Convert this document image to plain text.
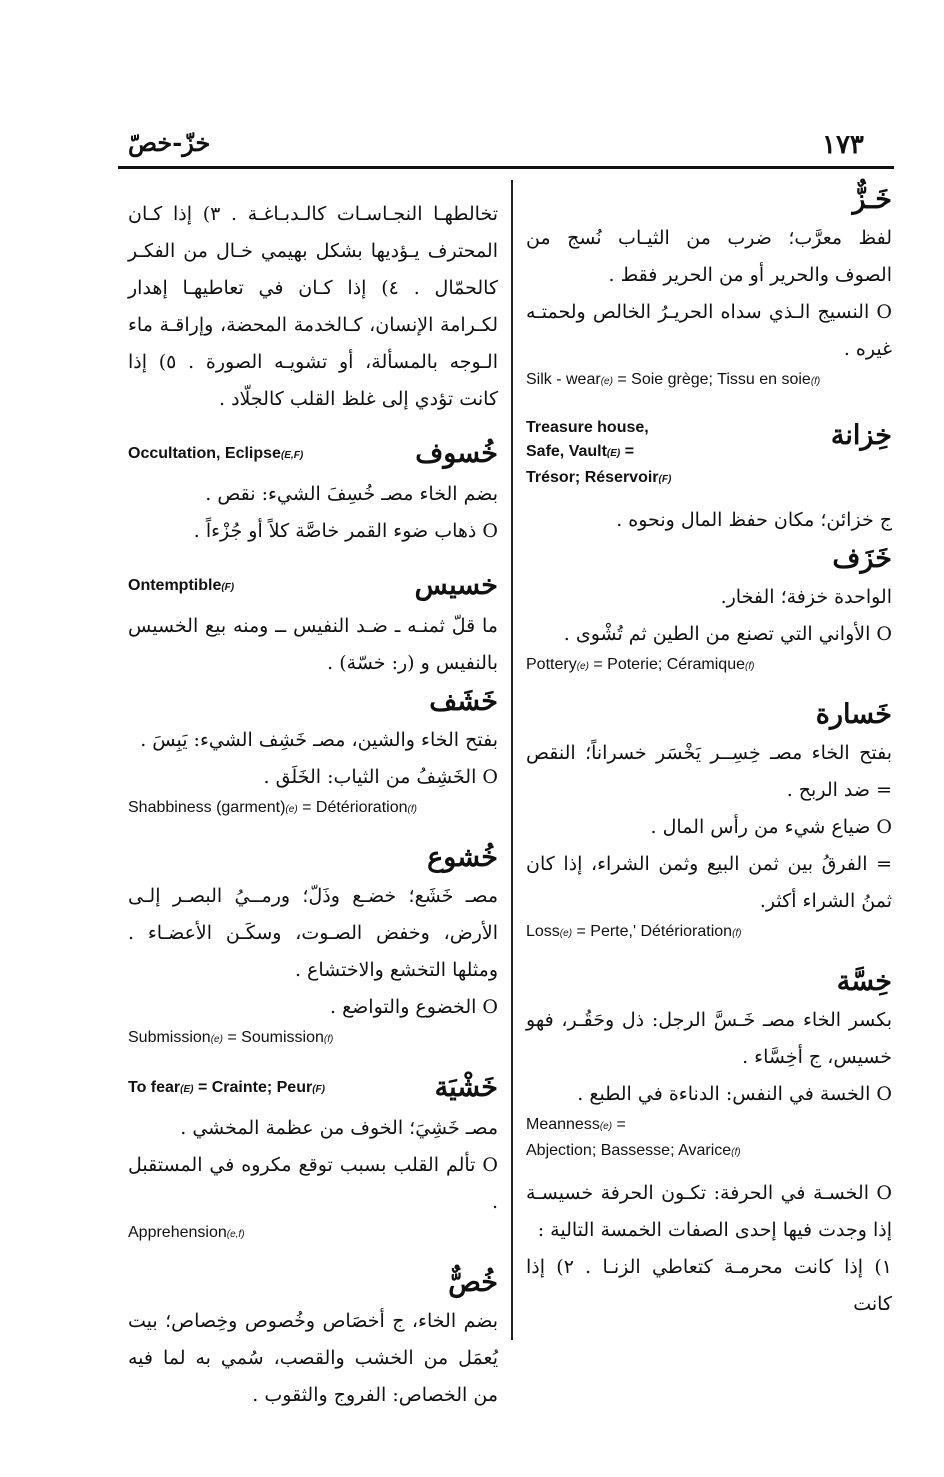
١٧٣
خزّ-خصّ

خَـزٌّ

لفظ معرَّب؛ ضرب من الثيـاب نُسج من الصوف والحرير أو من الحرير فقط .

O النسيج الـذي سداه الحريـرُ الخالص ولحمتـه غيره .

Silk - wear(e) = Soie grège; Tissu en soie(f)

خِزانة

Treasure house,

Safe, Vault(E) =

Trésor; Réservoir(F)

ج خزائن؛ مكان حفظ المال ونحوه .

خَزَف

الواحدة خزفة؛ الفخار.

O الأواني التي تصنع من الطين ثم تُشْوى .

Pottery(e) = Poterie; Céramique(f)

خَسارة

بفتح الخاء مصـ خِسِــر يَخْسَر خسراناً؛ النقص = ضد الربح .

O ضياع شيء من رأس المال .

= الفرقُ بين ثمن البيع وثمن الشراء، إذا كان ثمنُ الشراء أكثر.

Loss(e) = Perte,' Détérioration(f)

خِسَّة

بكسر الخاء مصـ خَـسَّ الرجل: ذل وحَقُـر، فهو خسيس، ج أخِسَّاء .

O الخسة في النفس: الدناءة في الطبع .

Meanness(e) =

Abjection; Bassesse; Avarice(f)

O الخسـة في الحرفة: تكـون الحرفة خسيسـة إذا وجدت فيها إحدى الصفات الخمسة التالية :

١) إذا كانت محرمـة كتعاطي الزنـا . ٢) إذا كانت

تخالطهـا النجـاسـات كالـدبـاغـة . ٣) إذا كـان المحترف يـؤديها بشكل بهيمي خـال من الفكـر كالحمّال . ٤) إذا كـان في تعاطيهـا إهدار لكـرامة الإنسان، كـالخدمة المحضة، وإراقـة ماء الـوجه بالمسألة، أو تشويـه الصورة . ٥) إذا كانت تؤدي إلى غلظ القلب كالجلّاد .

خُسوف

Occultation, Eclipse(E,F)

بضم الخاء مصـ خُسِفَ الشيء: نقص .

O ذهاب ضوء القمر خاصَّة كلاً أو جُزْءاً .

خسيس

Ontemptible(F)

ما قلّ ثمنـه ـ ضـد النفيس ــ ومنه بيع الخسيس بالنفيس و (ر: خسّة) .

خَشَف

بفتح الخاء والشين، مصـ خَشِف الشيء: يَبِسَ .

O الخَشِفُ من الثياب: الخَلَق .

Shabbiness (garment)(e) = Détérioration(f)

خُشوع

مصـ خَشَع؛ خضـع وذَلّ؛ ورمــيُ البصـر إلـى الأرض، وخفض الصـوت، وسكَـن الأعضـاء . ومثلها التخشع والاختشاع .

O الخضوع والتواضع .

Submission(e) = Soumission(f)

خَشْيَة

To fear(E) = Crainte; Peur(F)

مصـ خَشِيَ؛ الخوف من عظمة المخشي .

O تألم القلب بسبب توقع مكروه في المستقبل .

Apprehension(e,f)

خُصٌّ

بضم الخاء، ج أخصَاص وخُصوص وخِصاص؛ بيت يُعمَل من الخشب والقصب، سُمي به لما فيه من الخصاص: الفروج والثقوب .
